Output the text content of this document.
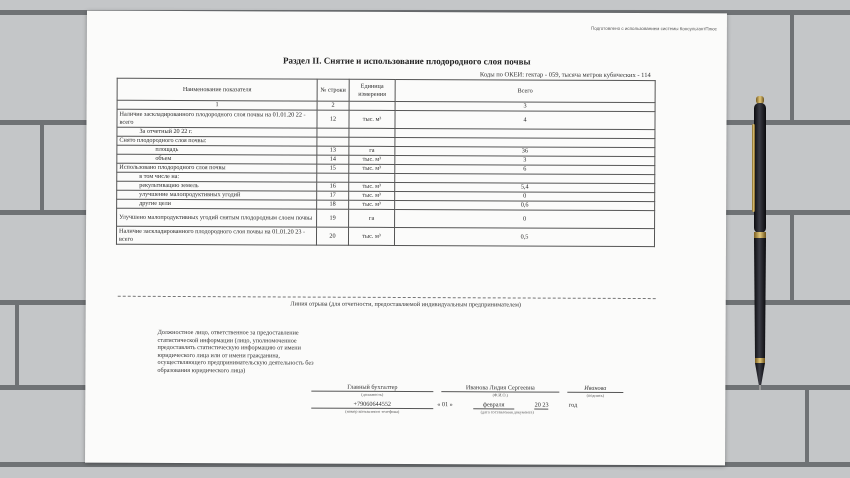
Подготовлено с использованием системы КонсультантПлюс
Раздел II. Снятие и использование плодородного слоя почвы
Коды по ОКЕИ: гектар - 059, тысяча метров кубических - 114
Наименование показателя	№ строки	Единица измерения	Всего
1	2		3
Наличие заскладированного плодородного слоя почвы на 01.01.20 22 - всего	12	тыс. м³	4
За отчетный 20 22 г.			
Снято плодородного слоя почвы:			
площадь	13	га	36
объем	14	тыс. м³	3
Использовано плодородного слоя почвы	15	тыс. м³	6
в том числе на:			
рекультивацию земель	16	тыс. м³	5,4
улучшение малопродуктивных угодий	17	тыс. м³	0
другие цели	18	тыс. м³	0,6
Улучшено малопродуктивных угодий снятым плодородным слоем почвы	19	га	0
Наличие заскладированного плодородного слоя почвы на 01.01.20 23 - всего	20	тыс. м³	0,5
Линия отрыва (для отчетности, предоставляемой индивидуальным предпринимателем)
Должностное лицо, ответственное за предоставление статистической информации (лицо, уполномоченное предоставлять статистическую информацию от имени юридического лица или от имени гражданина, осуществляющего предпринимательскую деятельность без образования юридического лица)
Главный бухгалтер
(должность)
Иванова Лидия Сергеевна
(Ф.И.О.)
Иванова
(подпись)
+79060644552
(номер контактного телефона)
« 01 »	февраля	20 23	год
(дата составления документа)
